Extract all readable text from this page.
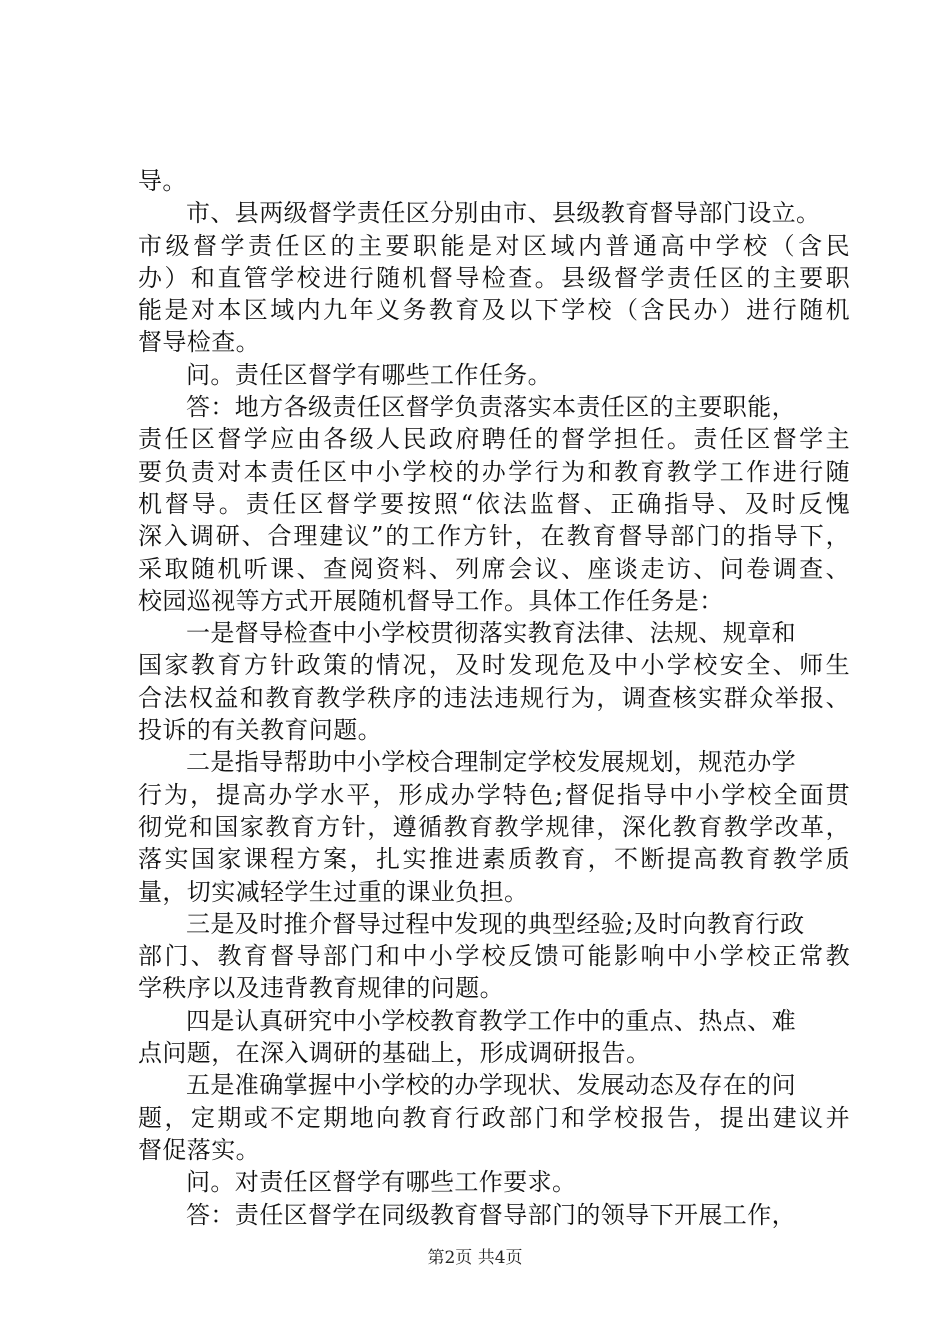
导。
市、县两级督学责任区分别由市、县级教育督导部门设立。
市级督学责任区的主要职能是对区域内普通高中学校（含民
办）和直管学校进行随机督导检查。县级督学责任区的主要职
能是对本区域内九年义务教育及以下学校（含民办）进行随机
督导检查。
问。责任区督学有哪些工作任务。
答：地方各级责任区督学负责落实本责任区的主要职能，
责任区督学应由各级人民政府聘任的督学担任。责任区督学主
要负责对本责任区中小学校的办学行为和教育教学工作进行随
机督导。责任区督学要按照“依法监督、正确指导、及时反愧
深入调研、合理建议”的工作方针，在教育督导部门的指导下，
采取随机听课、查阅资料、列席会议、座谈走访、问卷调查、
校园巡视等方式开展随机督导工作。具体工作任务是：
一是督导检查中小学校贯彻落实教育法律、法规、规章和
国家教育方针政策的情况，及时发现危及中小学校安全、师生
合法权益和教育教学秩序的违法违规行为，调查核实群众举报、
投诉的有关教育问题。
二是指导帮助中小学校合理制定学校发展规划，规范办学
行为，提高办学水平，形成办学特色;督促指导中小学校全面贯
彻党和国家教育方针，遵循教育教学规律，深化教育教学改革，
落实国家课程方案，扎实推进素质教育，不断提高教育教学质
量，切实减轻学生过重的课业负担。
三是及时推介督导过程中发现的典型经验;及时向教育行政
部门、教育督导部门和中小学校反馈可能影响中小学校正常教
学秩序以及违背教育规律的问题。
四是认真研究中小学校教育教学工作中的重点、热点、难
点问题，在深入调研的基础上，形成调研报告。
五是准确掌握中小学校的办学现状、发展动态及存在的问
题，定期或不定期地向教育行政部门和学校报告，提出建议并
督促落实。
问。对责任区督学有哪些工作要求。
答：责任区督学在同级教育督导部门的领导下开展工作，
第2页 共4页
